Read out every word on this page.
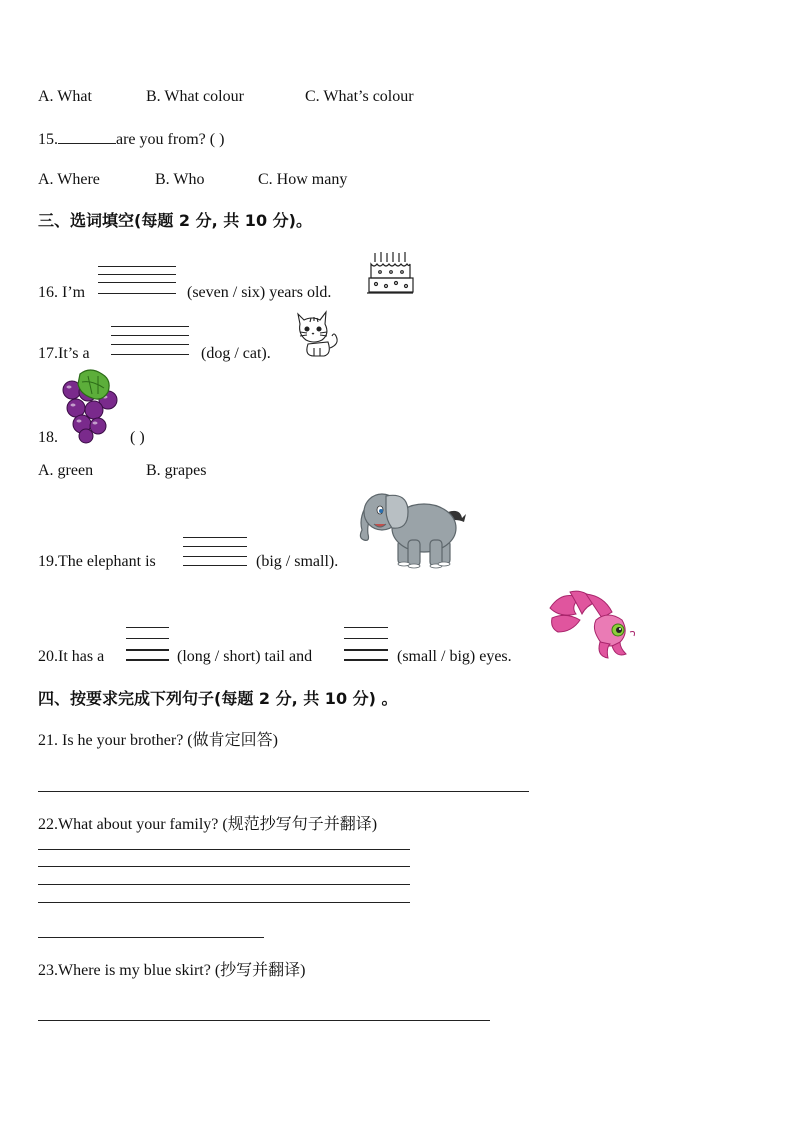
A. What	B. What colour	C. What’s colour
15.	are you from? ( )
A. Where	B. Who	C. How many
三、选词填空(每题 2 分, 共 10 分)。
16. I’m	(seven / six) years old.
17.It’s a	(dog / cat).
18.	( )
A. green	B. grapes
19.The elephant is	(big / small).
20.It has a	(long / short) tail and	(small / big) eyes.
四、按要求完成下列句子(每题 2 分, 共 10 分) 。
21. Is he your brother? (做肯定回答)
22.What about your family? (规范抄写句子并翻译)
23.Where is my blue skirt? (抄写并翻译)
